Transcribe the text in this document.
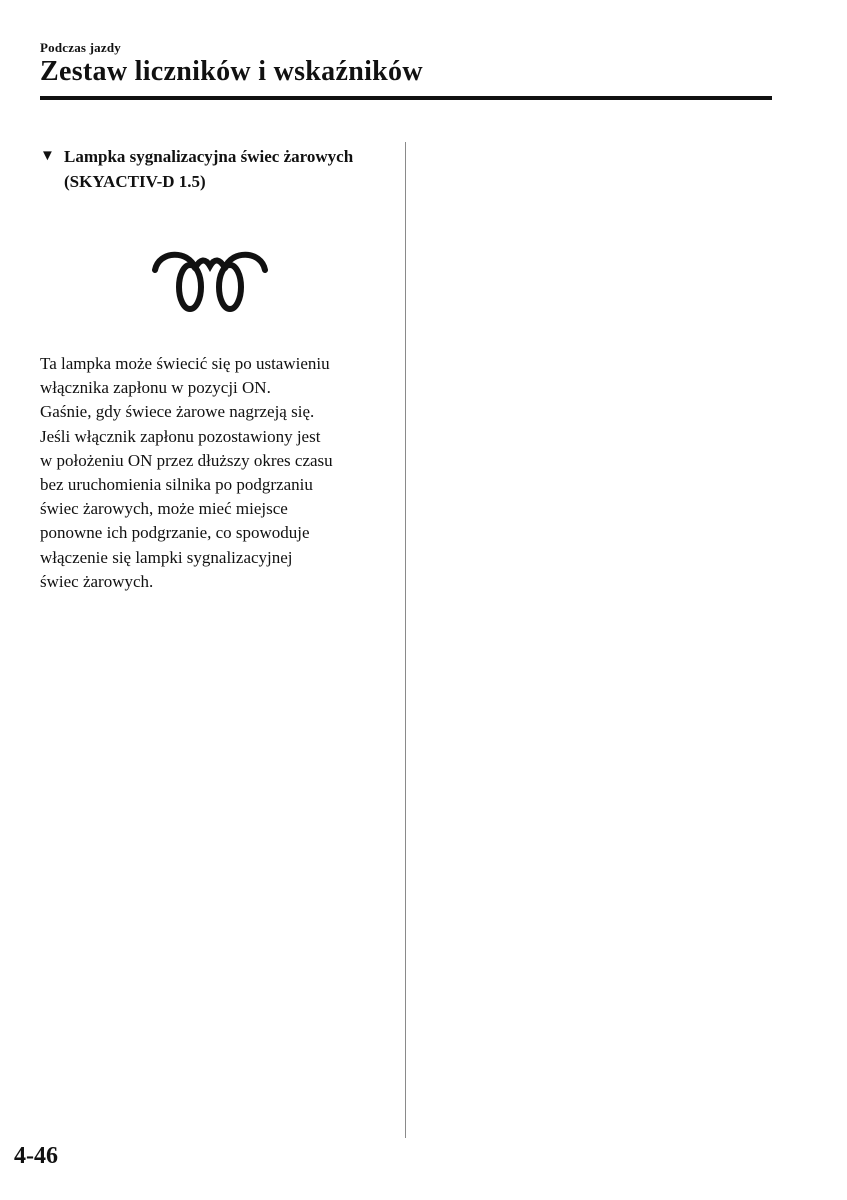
Podczas jazdy
Zestaw liczników i wskaźników
▼ Lampka sygnalizacyjna świec żarowych (SKYACTIV-D 1.5)
Ta lampka może świecić się po ustawieniu
włącznika zapłonu w pozycji ON.
Gaśnie, gdy świece żarowe nagrzeją się.
Jeśli włącznik zapłonu pozostawiony jest
w położeniu ON przez dłuższy okres czasu
bez uruchomienia silnika po podgrzaniu
świec żarowych, może mieć miejsce
ponowne ich podgrzanie, co spowoduje
włączenie się lampki sygnalizacyjnej
świec żarowych.
4-46
